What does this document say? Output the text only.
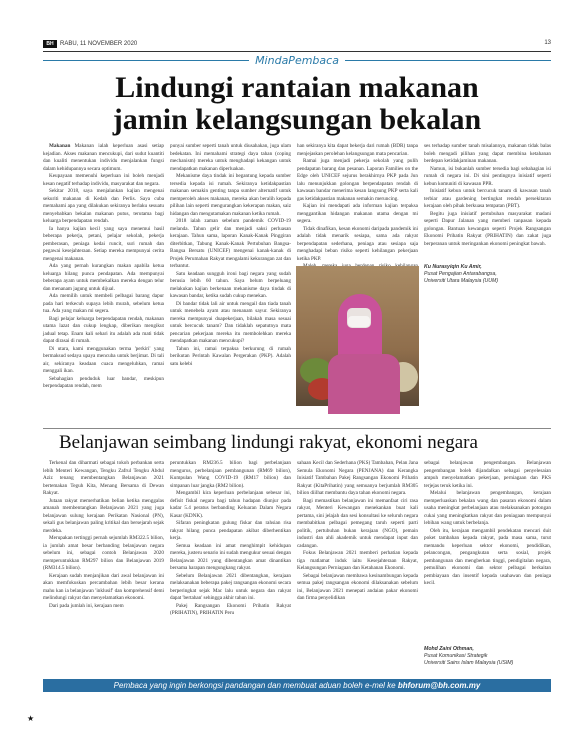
BH	RABU, 11 NOVEMBER 2020	13
MindaPembaca
Lindungi rantaian makanan
jamin kelangsungan bekalan

Makanan Makanan ialah keperluan asasi setiap kejadian. Akses makanan mencukupi, dari sudut kuantiti dan kualiti menentukan individu menjalankan fungsi dalam kehidupannya secara optimum.

Keupayaan memenuhi keperluan ini boleh menjadi kesan negatif terhadap individu, masyarakat dan negara.

Sekitar 2018, saya menjalankan kajian mengenai sekuriti makanan di Kedah dan Perlis. Saya cuba memahami apa yang dilakukan sekiranya berlaku sesuatu menyebabkan bekalan makanan putus, terutama bagi keluarga berpendapatan rendah.

Ia hanya kajian kecil yang saya menemui hasil beberapa pekerja, petani, pelajar sekolah, pekerja pemberasan, peniaga kedai runcit, suri rumah dan pegawai kesejahteraan. Setiap mereka mempunyai cerita mengenai makanan.

Ada yang pernah kurangkan makan apabila ketua keluarga hilang punca pendapatan. Ada mempunyai beberapa ayam untuk membekalkan mereka dengan telur dan menanam jagung untuk dijual.

Ada memilih untuk membeli pelbagai barang dapur pada hari terkecuh supaya lebih murah, sebelum ketua tua. Ada yang makan mi segera.

Bagi pelajar keluarga berpendapatan rendah, makanan utama lazat dan cukup lengkap, diberikan mengikut jadual tetap. Enam kali sehari itu adalah ada mati tidak dapat dirasai di rumah.

Di utara, kami menggunakan terma 'perkiri' yang bermaksud sedaya upaya mencuba untuk berjimat. Di tali air, sekiranya keadaan cuaca mengeluhkan, ramai menggali ikan.

Sebahagian penduduk luar bandar, meskipun berpendapatan rendah, mem

punyai sumber seperti tanah untuk diusahakan, juga ulam bedekatan. Ini memahami strategi daya tahan (coping mechanism) mereka untuk menghadapi kekangan untuk mendapatkan makanan diperluakan.

Mekanisme daya tindak ini begantung kepada sumber tersedia kepada isi rumah. Sekiranya ketidakpastian makanan semakin genting tanpa sumber alternatif untuk memperoleh akses makanan, mereka akan beralih kepada pilihan lain seperti mengurangkan kekerapan makan, saiz hidangan dan mengutamakan makanan ketika rumah.

2018 ialah zaman sebelum pandemik COVID-19 melanda. Tahun gelir dan menjadi saksi perluasan kerajaan. Tahun sama, laporan Kanak-Kanak Pinggiran diterbitkan, Tabung Kanak-Kanak Pertubuhan Bangsa-Bangsa Bersatu (UNICEF) mengenai kanak-kanak di Projek Perumahan Rakyat mengalami kekurangan zat dan terbantut.

Satu keadaan sungguh ironi bagi negara yang sudah berusia lebih 60 tahun. Saya belum berpeluang melakukan kajian berkenaan mekanisme daya tindak di kawasan bandar, ketika sudah cukup menekan.

Di bandar tidak lali air untuk mengail dan tiada tanah untuk menebela ayam atau menanam sayur. Sekiranya mereka mempunyai duapekerjaan, bilakah masa sesuai untuk bercucuk tanam? Dan tidaklah sepatutnya mata pencarian pekerjaan mereka itu membolehkan mereka mendapatkan makanan mencukupi?

Tahun ini, ramai terpaksa berkurung di rumah berikutan Perintah Kawalan Pergerakan (PKP). Adalah satu kelebi

han sekiranya kita dapat bekerja dari rumah (BDR) tanpa menjejaskan perolehan kelangsungan mata pencarian.

Ramai juga menjadi pekerja sekolah yang pulih pendapatan barang dan pesanan. Laporan Families on the Edge oleh UNICEF sejurus berakhirnya PKP pada Jun lalu menunjukkan golongan berpendapatan rendah di kawasan bandar menerima kesan langsung PKP serta kali gas ketidakpastian makanan semakin meruncing.

Kajian ini mendapati ada informan kajian terpaksa menggantikan hidangan makanan utama dengan mi segera.

Tidak dinafikan, kesan ekonomi daripada pandemik ini adalah tidak menarik sesiapa, sama ada rakyat berpendapatan sederhana, peniaga atau sesiapa saja menghadapi beban risiko seperti kehilangan pekerjaan ketika PKP.

ses terhadap sumber tanah misalannya, makanan tidak balas boleh mengadi pilihan yang dapat membina ketahanan berdepan ketidakjaminan makanan.

Namun, isi bukanlah sumber tersedia bagi sebahagian isi rumah di negara ini. Di sini pentingnya inisiatif seperti kebun komuniti di kawasan PPR.

Inisiatif kebun untuk bercucuk tanam di kawasan tanah terbiar atau gardening bertingkat rendah persekitaran kerajaan oleh pihak berkuasa tempatan (PBT).

Begitu juga inisiatif pertubuhan masyarakat madani seperti Dapur Jalanan yang memberi tanpasan kepada golongan. Bantuan kewangan seperti Projek Rangsangan Ekonomi Prihatin Rakyat (PRIHATIN) dan zakat juga berperanan untuk meringankan ekonomi peningkat bawah.

Ku Nurasyiqin Ku Amir,
Pusat Pengajian Antarabangsa,
Universiti Utara Malaysia (UUM)
Belanjawan seimbang lindungi rakyat, ekonomi negara

Terkenal dan diharmati sebagai tokoh perbankan serta lebih Menteri Kewangan, Tengku Zafrul Tengku Abdul Aziz tenang membentangkan Belanjawan 2021 bertemakan Teguh Kita, Menang Bersama di Dewan Rakyat.

Jutaan rakyat memerhatikan belian ketika menggalas amanah membentangkan Belanjawan 2021 yang juga belanjawan sulung kerajaan Perikatan Nasional (PN), sekali gus belanjawan paling kritikal dan bersejarah sejak merdeka.

Merupakan tertinggi pernah sejumlah RM322.5 bilion, ia jumlah amat besar berbanding belanjawan negara sebelum ini, sebagai contoh Belanjawan 2020 memperuntukkan RM297 bilion dan Belanjawan 2019 (RM314.5 bilion).

Kerajaan sudah menjanjikan dari awal belanjawan ini akan memfokuskan percambahan lebih besar kerana mahu kan ia belanjawan 'inklusif' dan komprehensif demi melindungi rakyat dan menyelamatkan ekonomi.

Dari pada jumlah ini, kerajaan mem

peruntukkan RM236.5 bilion bagi perbelanjaan mengurus, perbelanjaan pembangunan (RM69 bilion), Kumpulan Wang COVID-19 (RM17 bilion) dan simpanan luar jangka (RM2 bilion).

Mengambil kira keperluan perbelanjaan sebesar ini, defisit fiskal negara bagi tahun hadapan diunjur pada kadar 5.4 peratus berbanding Keluaran Dalam Negara Kasar (KDNK).

Sifaran peningkatan gulung fiskar dan rahsian risa rakyat hilang punca pendapatan akibat diberhentikan kerja.

Semua keadaan ini amat menghimpit kehidupan mereka, justeru senario ini sudah mengukur sesuai dengan Belanjawan 2021 yang dibentangkan amat dinantikan bersama harapan mengungkang rakyat.

Sebelum Belanjawan 2021 dibentangkan, kerajaan melaksanakan beberapa pakej rangsangan ekonomi secara berperingkat sejak Mac lalu untuk negara dan rakyat dapat 'bertahan' sehingga akhir tahun ini.

Pakej Rangsangan Ekonomi Prihatin Rakyat (PRIHATIN), PRIHATIN Peru

sahaan Kecil dan Sederhana (PKS) Tambahan, Pelan Jana Semula Ekonomi Negara (PENJANA) dan Kerangka Inisiatif Tambahan Pakej Rangsangan Ekonomi Prihatin Rakyat (KitaPrihatin) yang semuanya berjumlah RM305 bilion diilhat membantu daya tahan ekonomi negara.

Bagi memastikan belanjawan ini memanfaat ciri rasa rakyat, Menteri Kewangan menekankan buat kali pertama, sini jelajah dan sesi konsultasi ke seluruh negara membabitkan pelbagai pemegang taruh seperti parti politik, pertubuhan bukan kerajaan (NGO), pemain industri dan ahli akademik untuk mendapat input dan cadangan.

Fokus Belanjawan 2021 memberi perhatian kepada tiga matlamat induk iaitu Kesejahteraan Rakyat, Kelangsungan Perniagaan dan Ketahanan Ekonomi.

Sebagai belanjawan membawa kesinambungan kepada semua pakej rangsangan ekonomi dilaksanakan sebelum ini, Belanjawan 2021 menepati andaian pakar ekonomi dan firma penyelidikan

sebagai belanjawan pengembangan. Belanjawan pengembangan boleh dijandalkan sebagai penyelesaian ampuh menyelamatkan pekerjaan, perniagaan dan PKS terjejas teruk ketika ini.

Melalui belanjawan pengembangan, kerajaan memperluaskan bekalan wang dan pasaran ekonomi dalam usaha meningkat perbelanjaan atau melaksanakan potongan cukai yang meningkatkan rakyat dan peniagaan mempunyai lebihan wang untuk berbelanja.

Oleh itu, kerajaan mengambil pendekatan mencari duit poket tambahan kepada rakyat, pada masa sama, turut memandu keperluan sektor ekonomi, pendidikan, pelancongan, pengangkutan serta sosial, projek pembangunan dan mengberkan tinggi, pendigitalan negara, pemulihan ekonomi dan sektor pelbagai berkaitan pembiayaan dan insentif kepada usahawan dan peniaga kecil.

Mohd Zaini Othman,
Pusat Komunikasi Strategik
Universiti Sains Islam Malaysia (USIM)
Pembaca yang ingin berkongsi pandangan dan membuat aduan boleh e-mel ke bhforum@bh.com.my
★
